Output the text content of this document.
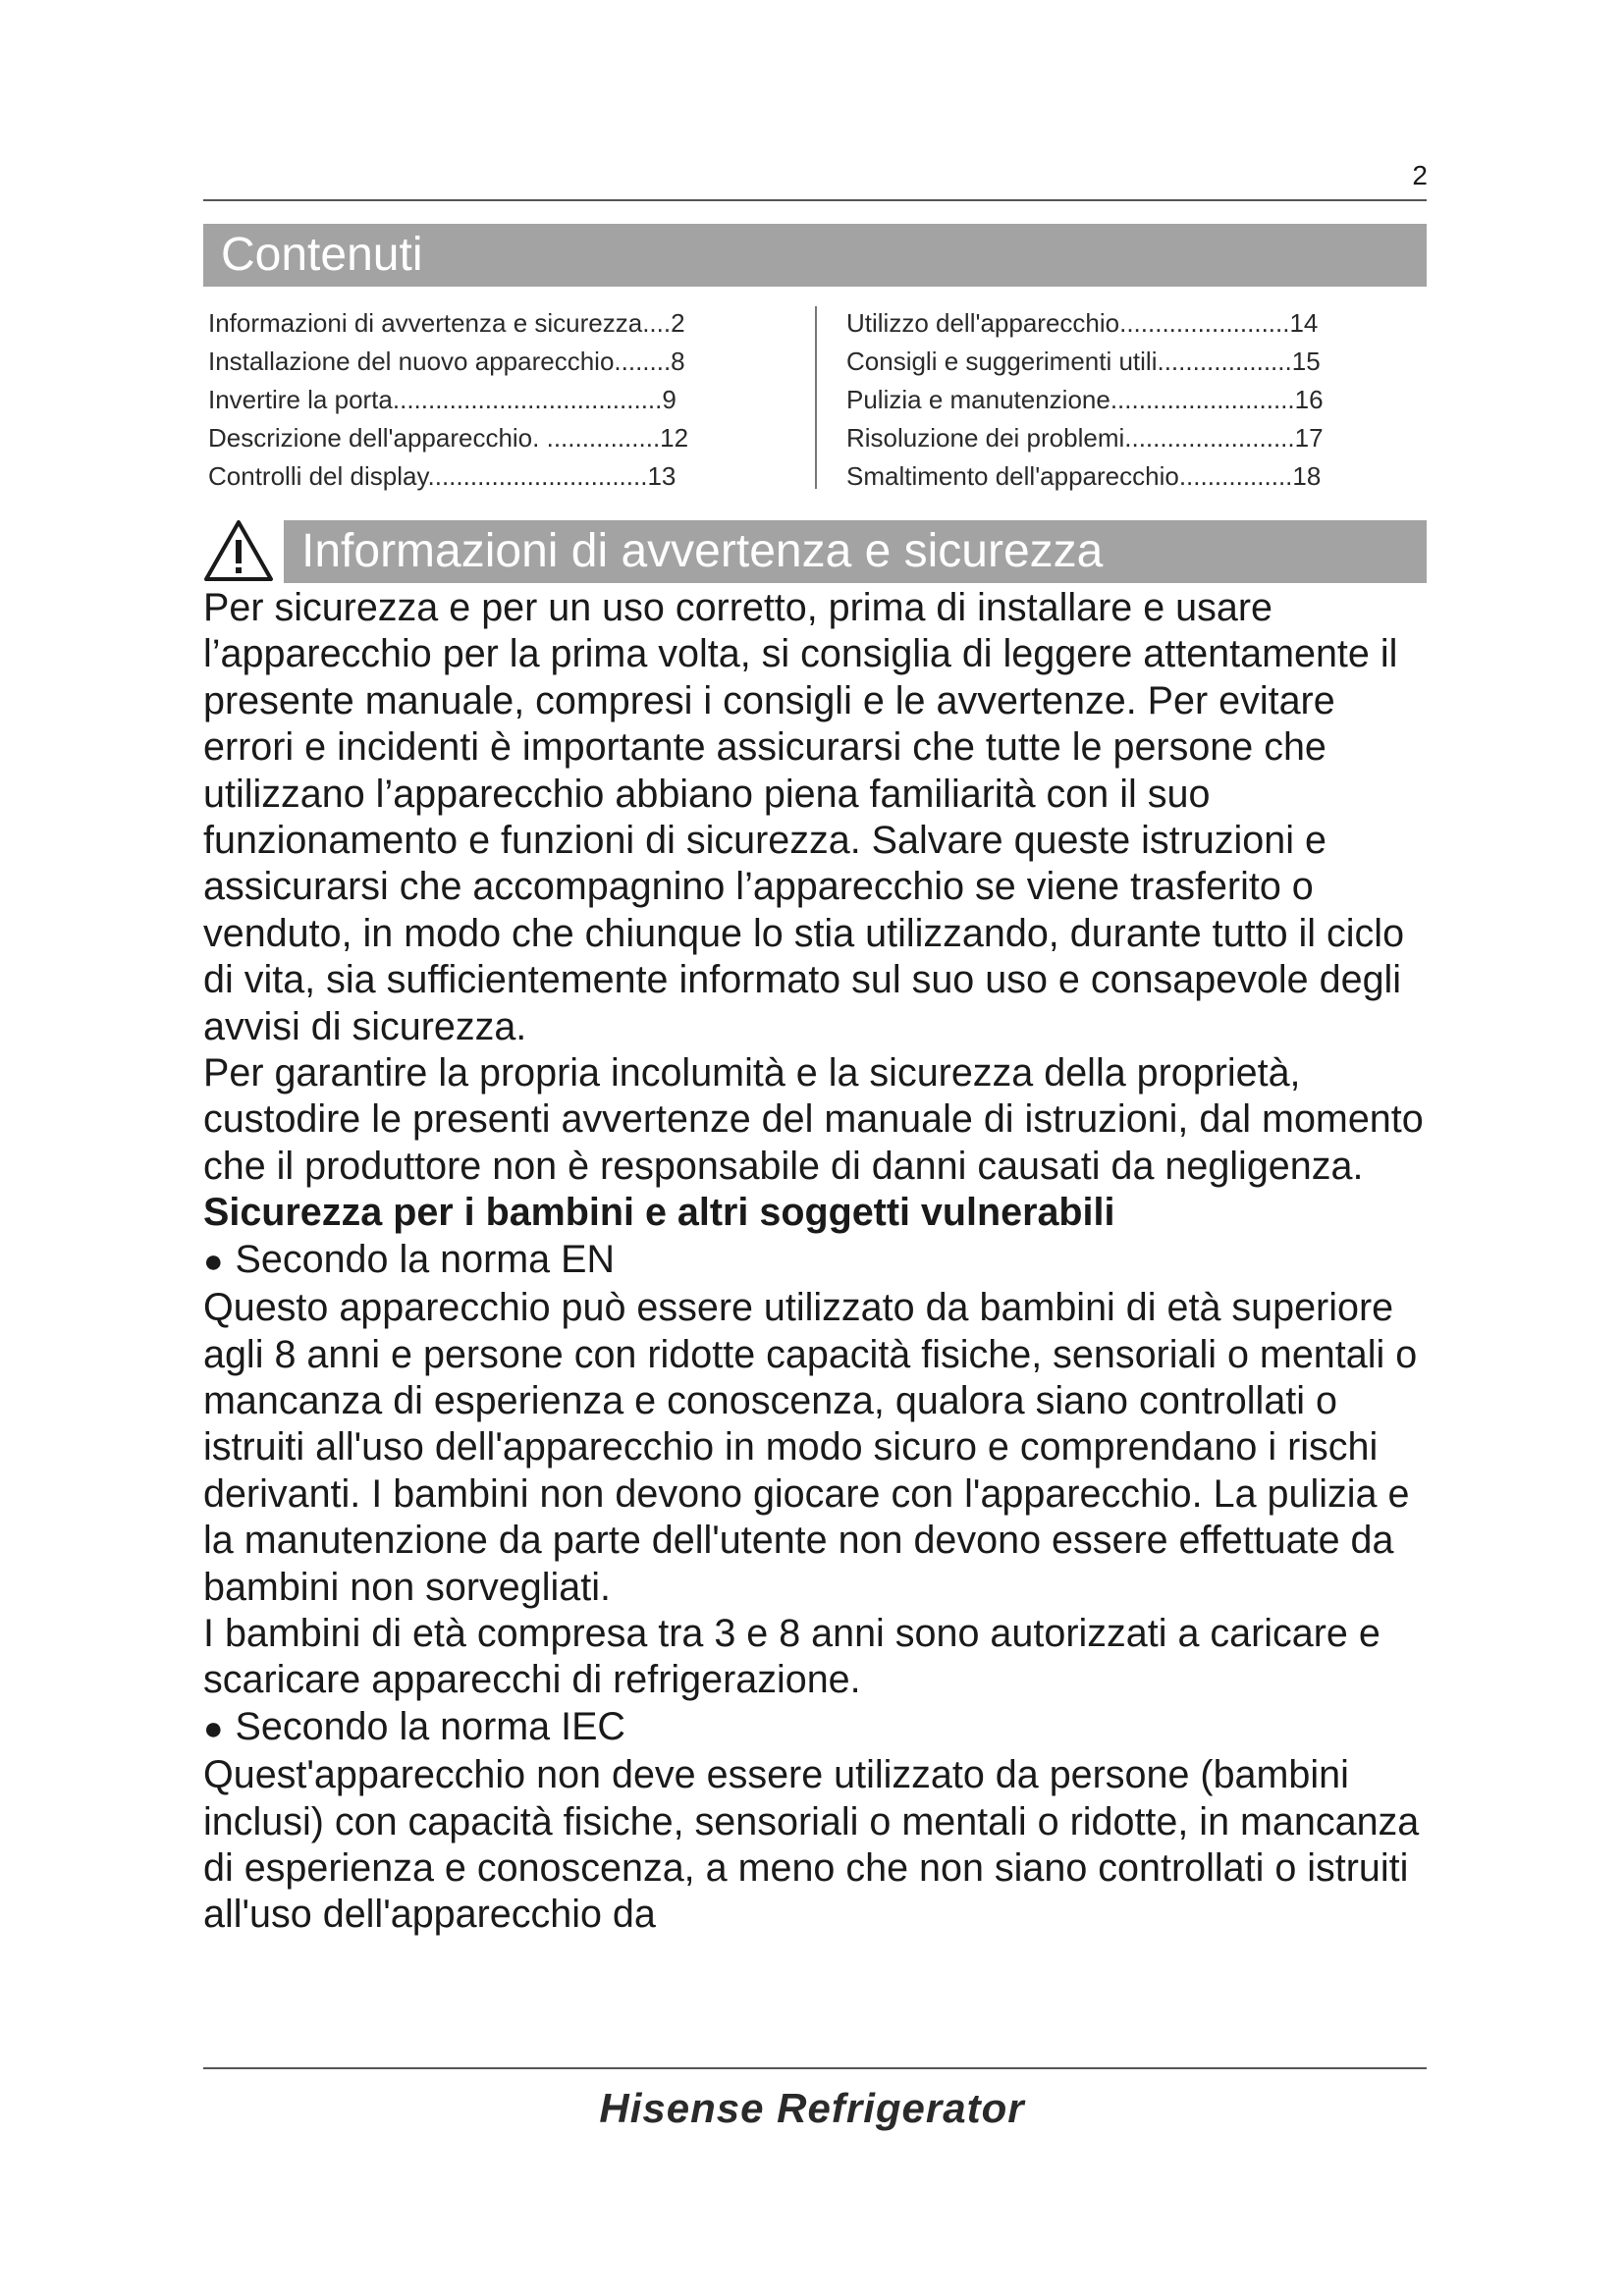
2
Contenuti
Informazioni di avvertenza e sicurezza....2
Installazione del nuovo apparecchio........8
Invertire la porta......................................9
Descrizione dell'apparecchio. ................12
Controlli del display...............................13
Utilizzo dell'apparecchio........................14
Consigli e suggerimenti utili...................15
Pulizia e manutenzione..........................16
Risoluzione dei problemi........................17
Smaltimento dell'apparecchio................18
Informazioni di avvertenza e sicurezza

Per sicurezza e per un uso corretto, prima di installare e usare l’apparecchio per la prima volta, si consiglia di leggere attentamente il presente manuale, compresi i consigli e le avvertenze. Per evitare errori e incidenti è importante assicurarsi che tutte le persone che utilizzano l’apparecchio abbiano piena familiarità con il suo funzionamento e funzioni di sicurezza. Salvare queste istruzioni e assicurarsi che accompagnino l’apparecchio se viene trasferito o venduto, in modo che chiunque lo stia utilizzando, durante tutto il ciclo di vita, sia sufficientemente informato sul suo uso e consapevole degli avvisi di sicurezza.

Per garantire la propria incolumità e la sicurezza della proprietà, custodire le presenti avvertenze del manuale di istruzioni, dal momento che il produttore non è responsabile di danni causati da negligenza.

Sicurezza per i bambini e altri soggetti vulnerabili

● Secondo la norma EN

Questo apparecchio può essere utilizzato da bambini di età superiore agli 8 anni e persone con ridotte capacità fisiche, sensoriali o mentali o mancanza di esperienza e conoscenza, qualora siano controllati o istruiti all'uso dell'apparecchio in modo sicuro e comprendano i rischi derivanti. I bambini non devono giocare con l'apparecchio. La pulizia e la manutenzione da parte dell'utente non devono essere effettuate da bambini non sorvegliati.

I bambini di età compresa tra 3 e 8 anni sono autorizzati a caricare e scaricare apparecchi di refrigerazione.

● Secondo la norma IEC

Quest'apparecchio non deve essere utilizzato da persone (bambini inclusi) con capacità fisiche, sensoriali o mentali o ridotte, in mancanza di esperienza e conoscenza, a meno che non siano controllati o istruiti all'uso dell'apparecchio da

Hisense Refrigerator
